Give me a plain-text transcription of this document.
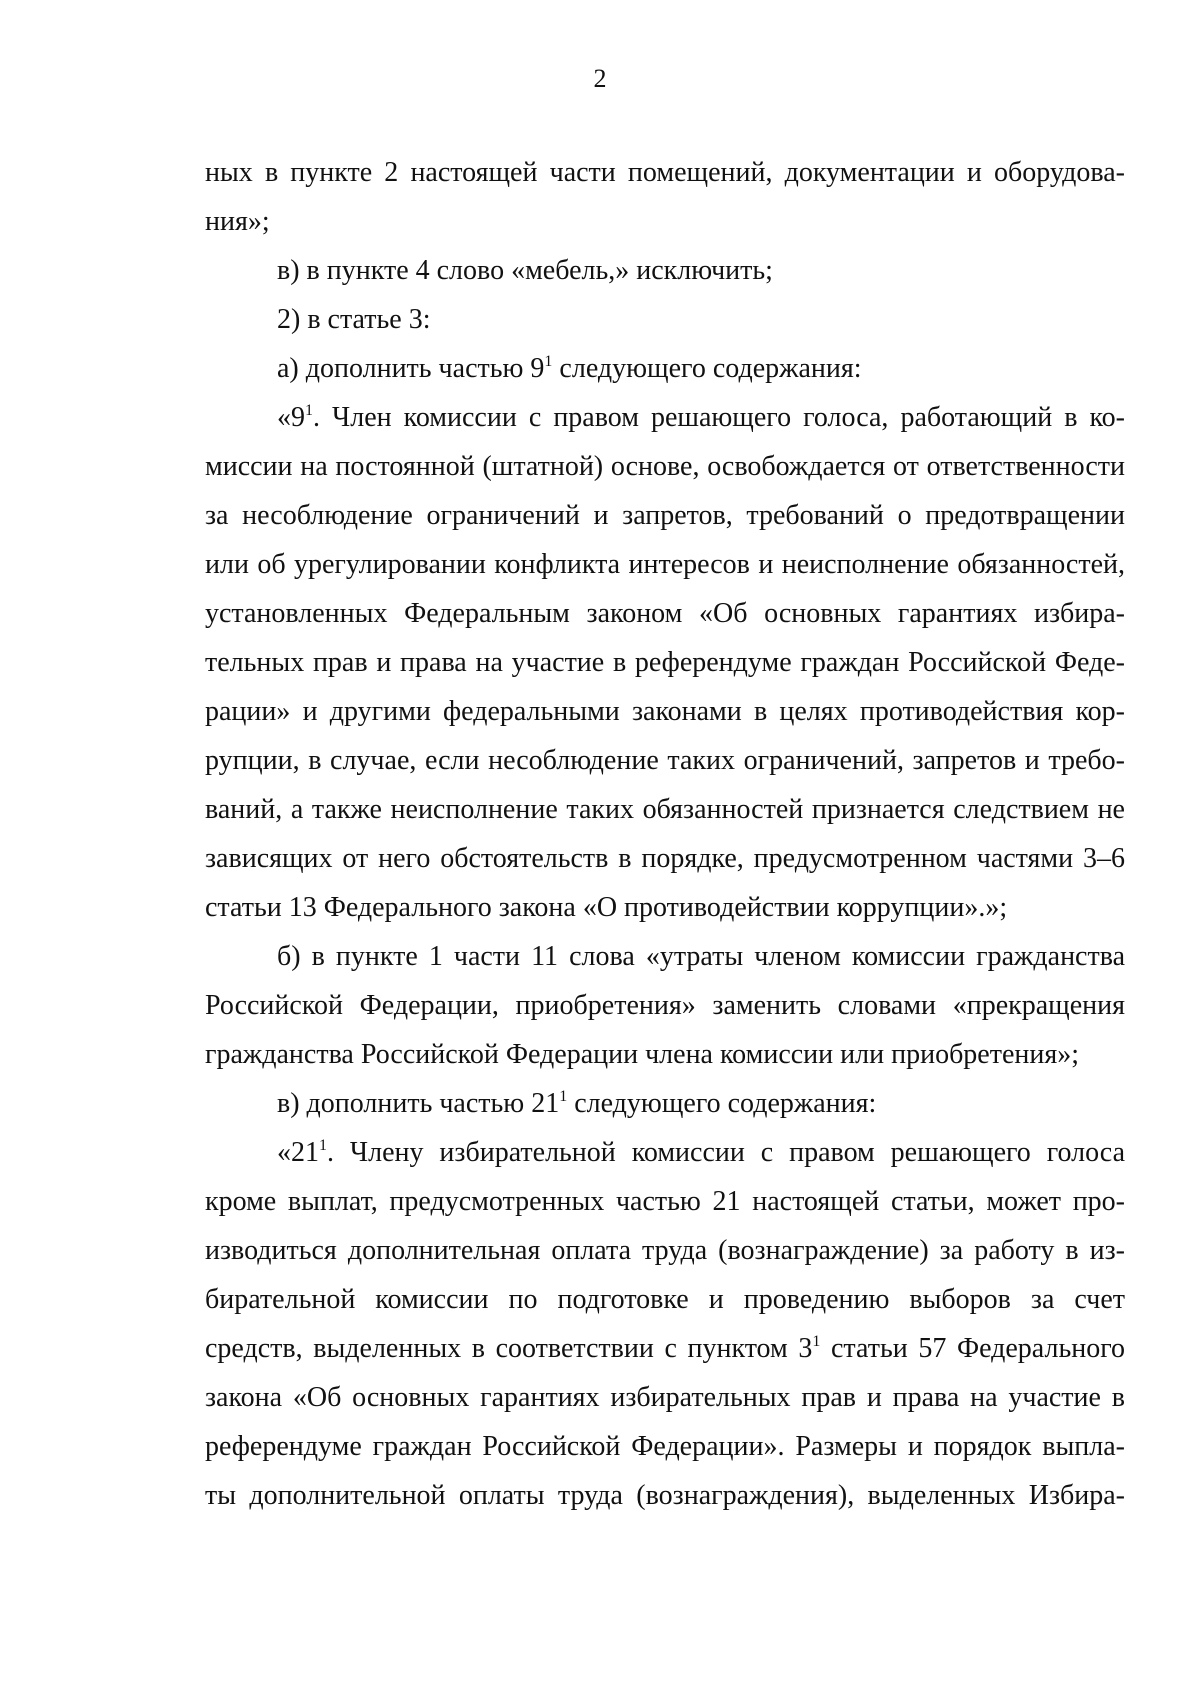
2
ных в пункте 2 настоящей части помещений, документации и оборудова-
ния»;
в) в пункте 4 слово «мебель,» исключить;
2) в статье 3:
а) дополнить частью $9^1$ следующего содержания:
«$9^1$. Член комиссии с правом решающего голоса, работающий в ко-
миссии на постоянной (штатной) основе, освобождается от ответственности
за несоблюдение ограничений и запретов, требований о предотвращении
или об урегулировании конфликта интересов и неисполнение обязанностей,
установленных Федеральным законом «Об основных гарантиях избира-
тельных прав и права на участие в референдуме граждан Российской Феде-
рации» и другими федеральными законами в целях противодействия кор-
рупции, в случае, если несоблюдение таких ограничений, запретов и требо-
ваний, а также неисполнение таких обязанностей признается следствием не
зависящих от него обстоятельств в порядке, предусмотренном частями 3–6
статьи 13 Федерального закона «О противодействии коррупции».»;
б) в пункте 1 части 11 слова «утраты членом комиссии гражданства
Российской Федерации, приобретения» заменить словами «прекращения
гражданства Российской Федерации члена комиссии или приобретения»;
в) дополнить частью $21^1$ следующего содержания:
«$21^1$. Члену избирательной комиссии с правом решающего голоса
кроме выплат, предусмотренных частью 21 настоящей статьи, может про-
изводиться дополнительная оплата труда (вознаграждение) за работу в из-
бирательной комиссии по подготовке и проведению выборов за счет
средств, выделенных в соответствии с пунктом $3^1$ статьи 57 Федерального
закона «Об основных гарантиях избирательных прав и права на участие в
референдуме граждан Российской Федерации». Размеры и порядок выпла-
ты дополнительной оплаты труда (вознаграждения), выделенных Избира-
